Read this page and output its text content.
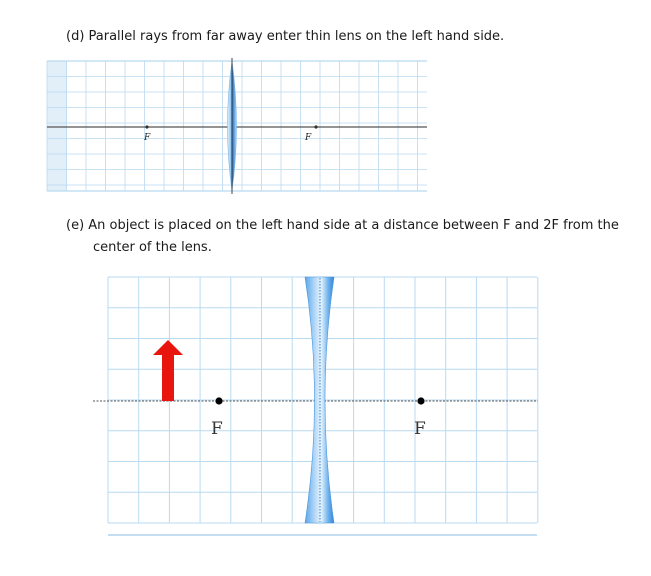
(d) Parallel rays from far away enter thin lens on the left hand side.
(e) An object is placed on the left hand side at a distance between F and 2F from the
center of the lens.
F	F
F	F
